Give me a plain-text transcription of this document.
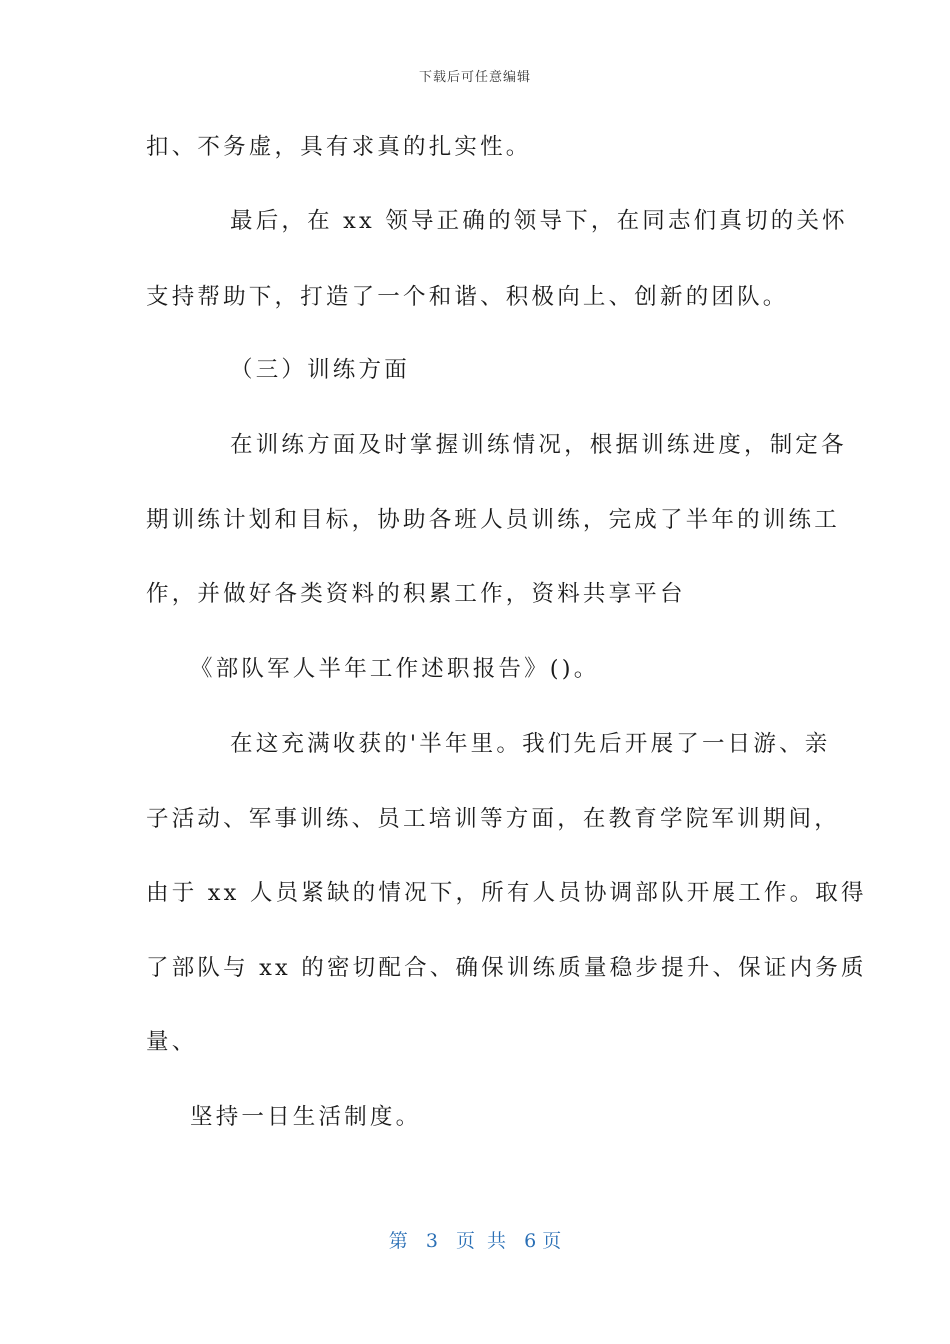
下载后可任意编辑
扣、不务虚，具有求真的扎实性。
最后，在 xx 领导正确的领导下，在同志们真切的关怀
支持帮助下，打造了一个和谐、积极向上、创新的团队。
（三）训练方面
在训练方面及时掌握训练情况，根据训练进度，制定各
期训练计划和目标，协助各班人员训练，完成了半年的训练工
作，并做好各类资料的积累工作，资料共享平台
《部队军人半年工作述职报告》()。
在这充满收获的'半年里。我们先后开展了一日游、亲
子活动、军事训练、员工培训等方面，在教育学院军训期间，
由于 xx 人员紧缺的情况下，所有人员协调部队开展工作。取得
了部队与 xx 的密切配合、确保训练质量稳步提升、保证内务质
量、
坚持一日生活制度。
第 3 页 共 6 页
